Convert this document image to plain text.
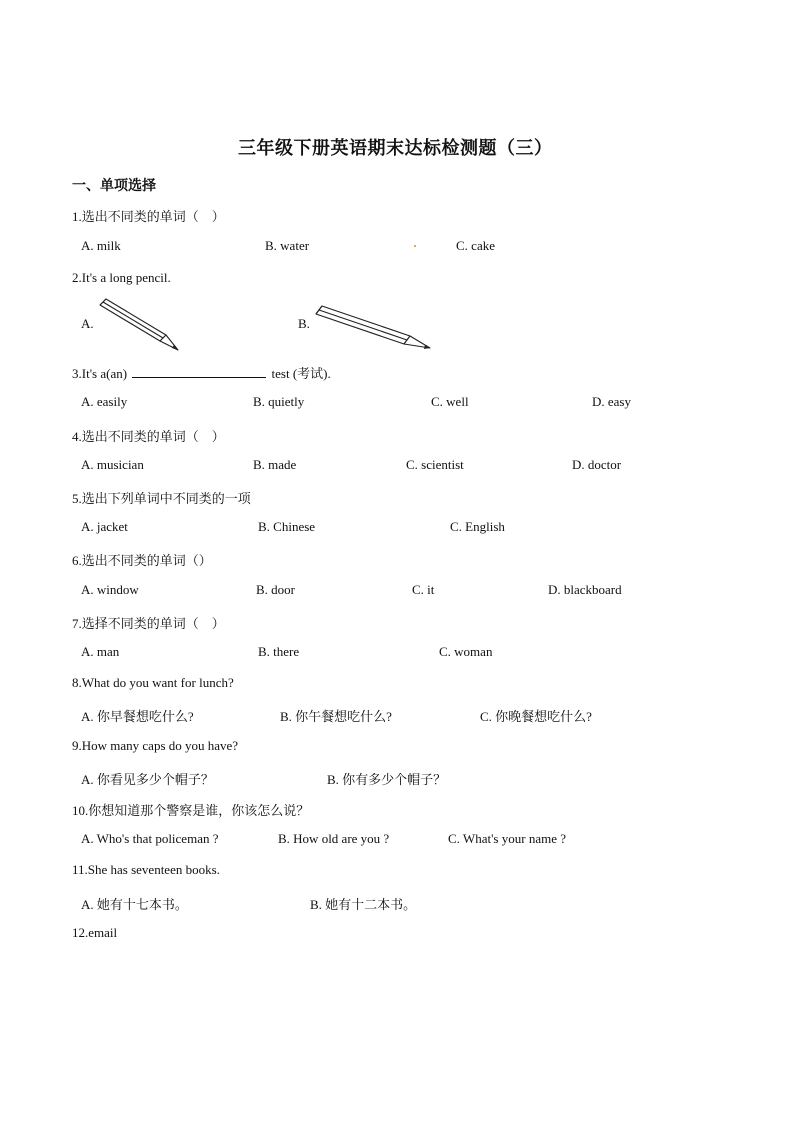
三年级下册英语期末达标检测题（三）
一、单项选择
1.选出不同类的单词（　）
A. milk	B. water	C. cake
2.It's a long pencil.
A.	B.
3.It's a(an)	test (考试).
A. easily	B. quietly	C. well	D. easy
4.选出不同类的单词（　）
A. musician	B. made	C. scientist	D. doctor
5.选出下列单词中不同类的一项
A. jacket	B. Chinese	C. English
6.选出不同类的单词（）
A. window	B. door	C. it	D. blackboard
7.选择不同类的单词（　）
A. man	B. there	C. woman
8.What do you want for lunch?
A. 你早餐想吃什么?	B. 你午餐想吃什么?	C. 你晚餐想吃什么?
9.How many caps do you have?
A. 你看见多少个帽子？	B. 你有多少个帽子？
10.你想知道那个警察是谁，你该怎么说？
A. Who's that policeman ?	B. How old are you ?	C. What's your name ?
11.She has seventeen books.
A. 她有十七本书。	B. 她有十二本书。
12.email
